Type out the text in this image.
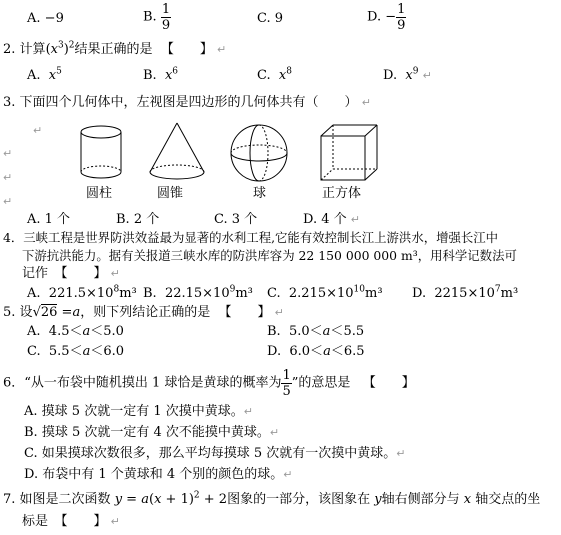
A. −9	B. $\frac{1}{9}$	C. 9	D. − $\frac{1}{9}$
2. 计算$(x^3)^2$结果正确的是 【　　】 ↵
A. $x^5$	B. $x^6$	C. $x^8$	D. $x^9$ ↵
3. 下面四个几何体中，左视图是四边形的几何体共有（　　） ↵
↵
↵
↵
↵
圆柱	圆锥	球	正方体
A. 1 个	B. 2 个	C. 3 个	D. 4 个 ↵
4．三峡工程是世界防洪效益最为显著的水利工程,它能有效控制长江上游洪水，增强长江中
下游抗洪能力。据有关报道三峡水库的防洪库容为 22 150 000 000 m³，用科学记数法可
记作　【　　】 ↵
A. $221.5\times 10^8m^3$ B. $22.15\times 10^9m^3$ C. $2.215\times 10^{10}m^3$ D. $2215\times 10^7m^3$
5. 设√26 =a，则下列结论正确的是 【　　】 ↵
A. 4.5＜a＜5.0	B. 5.0＜a＜5.5
C. 5.5＜a＜6.0	D. 6.0＜a＜6.5
6．“从一布袋中随机摸出 1 球恰是黄球的概率为 $\frac{1}{5}$ ”的意思是 【　　】
A. 摸球 5 次就一定有 1 次摸中黄球。↵
B. 摸球 5 次就一定有 4 次不能摸中黄球。↵
C. 如果摸球次数很多，那么平均每摸球 5 次就有一次摸中黄球。↵
D. 布袋中有 1 个黄球和 4 个别的颜色的球。↵
7. 如图是二次函数 $y = a(x + 1)^2 + 2$图象的一部分，该图象在 y轴右侧部分与 x 轴交点的坐
标是　【　　】 ↵
